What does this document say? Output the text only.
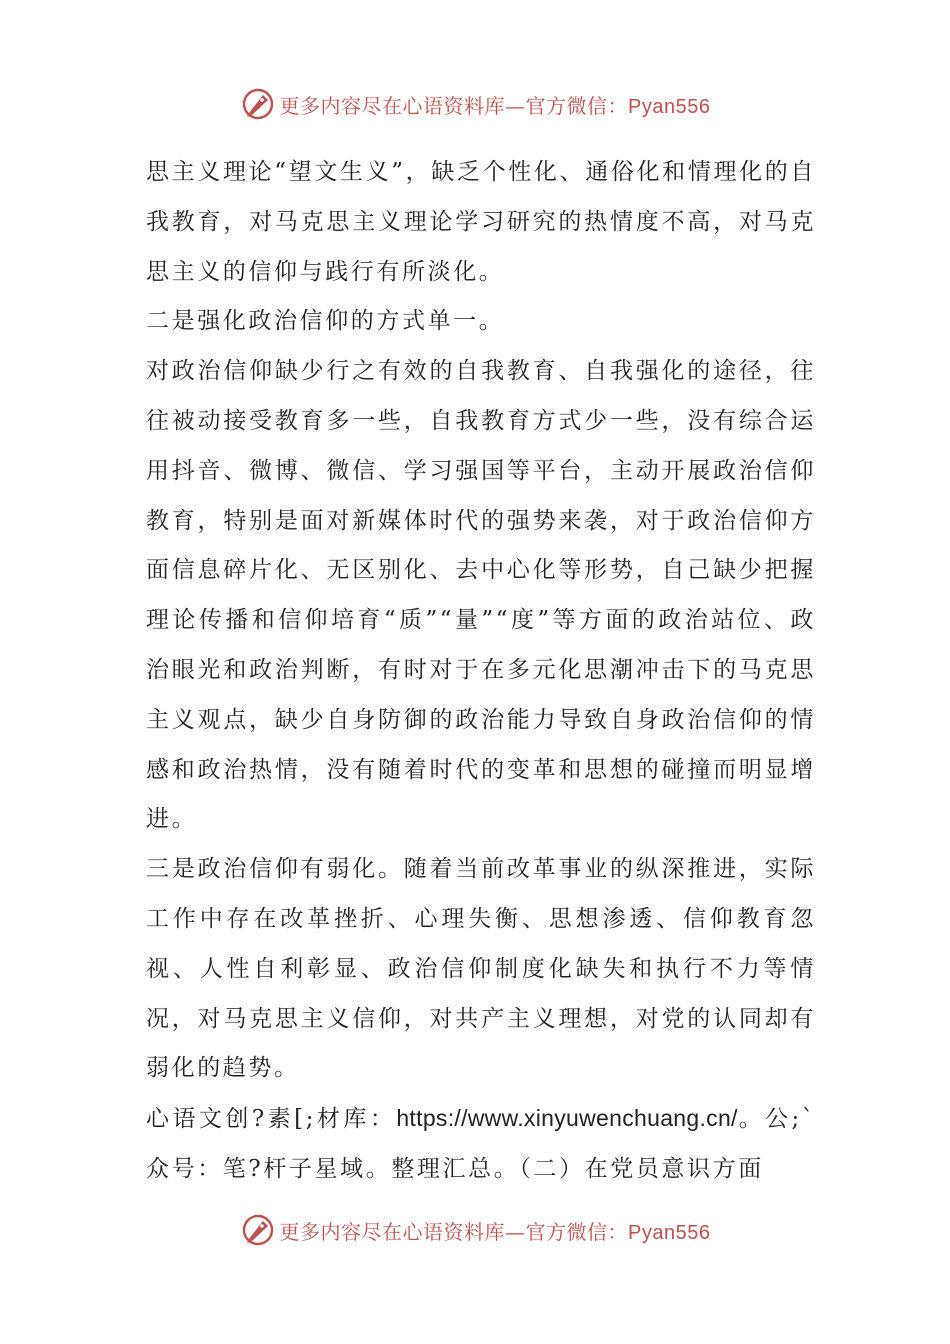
更多内容尽在心语资料库—官方微信：Pyan556

思主义理论“望文生义”，缺乏个性化、通俗化和情理化的自我教育，对马克思主义理论学习研究的热情度不高，对马克思主义的信仰与践行有所淡化。

二是强化政治信仰的方式单一。

对政治信仰缺少行之有效的自我教育、自我强化的途径，往往被动接受教育多一些，自我教育方式少一些，没有综合运用抖音、微博、微信、学习强国等平台，主动开展政治信仰教育，特别是面对新媒体时代的强势来袭，对于政治信仰方面信息碎片化、无区别化、去中心化等形势，自己缺少把握理论传播和信仰培育“质”“量”“度”等方面的政治站位、政治眼光和政治判断，有时对于在多元化思潮冲击下的马克思主义观点，缺少自身防御的政治能力导致自身政治信仰的情感和政治热情，没有随着时代的变革和思想的碰撞而明显增进。

三是政治信仰有弱化。随着当前改革事业的纵深推进，实际工作中存在改革挫折、心理失衡、思想渗透、信仰教育忽视、人性自利彰显、政治信仰制度化缺失和执行不力等情况，对马克思主义信仰，对共产主义理想，对党的认同却有弱化的趋势。

心语文创?素[;材库：https://www.xinyuwenchuang.cn/。公;`众号：笔?杆子星域。整理汇总。（二）在党员意识方面

更多内容尽在心语资料库—官方微信：Pyan556
